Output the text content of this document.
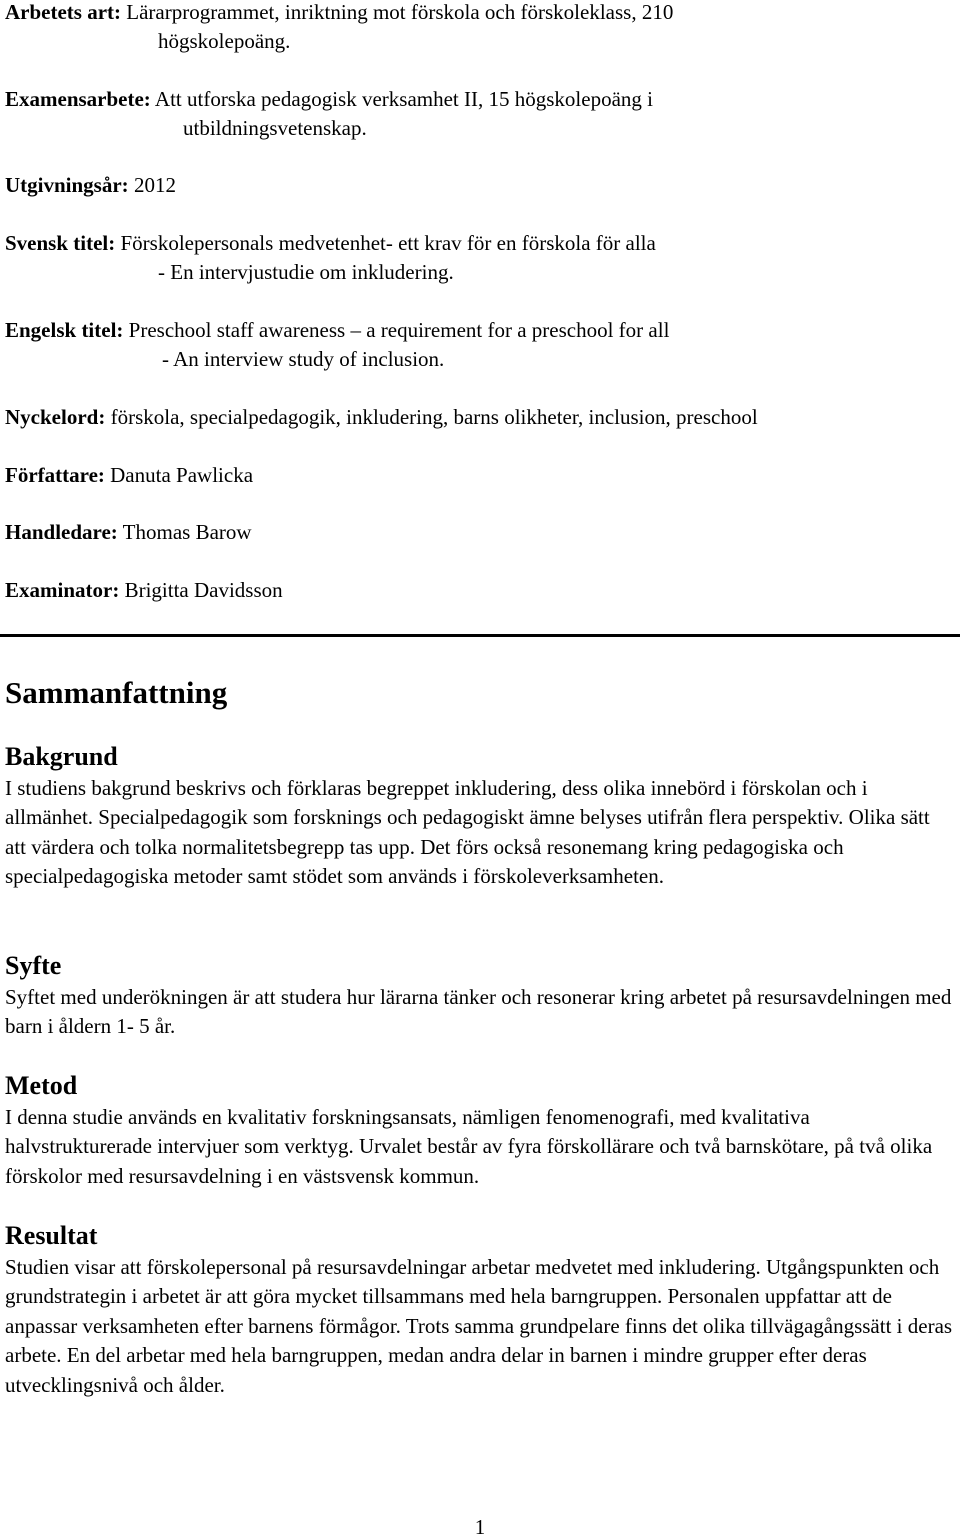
Arbetets art: Lärarprogrammet, inriktning mot förskola och förskoleklass, 210
högskolepoäng.
Examensarbete: Att utforska pedagogisk verksamhet II, 15 högskolepoäng i
utbildningsvetenskap.
Utgivningsår: 2012
Svensk titel: Förskolepersonals medvetenhet- ett krav för en förskola för alla
- En intervjustudie om inkludering.
Engelsk titel: Preschool staff awareness – a requirement for a preschool for all
- An interview study of inclusion.
Nyckelord: förskola, specialpedagogik, inkludering, barns olikheter, inclusion, preschool
Författare: Danuta Pawlicka
Handledare: Thomas Barow
Examinator: Brigitta Davidsson
Sammanfattning
Bakgrund
I studiens bakgrund beskrivs och förklaras begreppet inkludering, dess olika innebörd i förskolan och i allmänhet. Specialpedagogik som forsknings och pedagogiskt ämne belyses utifrån flera perspektiv. Olika sätt att värdera och tolka normalitetsbegrepp tas upp. Det förs också resonemang kring pedagogiska och specialpedagogiska metoder samt stödet som används i förskoleverksamheten.
Syfte
Syftet med underökningen är att studera hur lärarna tänker och resonerar kring arbetet på resursavdelningen med barn i åldern 1- 5 år.
Metod
I denna studie används en kvalitativ forskningsansats, nämligen fenomenografi, med kvalitativa halvstrukturerade intervjuer som verktyg. Urvalet består av fyra förskollärare och två barnskötare, på två olika förskolor med resursavdelning i en västsvensk kommun.
Resultat
Studien visar att förskolepersonal på resursavdelningar arbetar medvetet med inkludering. Utgångspunkten och grundstrategin i arbetet är att göra mycket tillsammans med hela barngruppen. Personalen uppfattar att de anpassar verksamheten efter barnens förmågor. Trots samma grundpelare finns det olika tillvägagångssätt i deras arbete. En del arbetar med hela barngruppen, medan andra delar in barnen i mindre grupper efter deras utvecklingsnivå och ålder.
1
